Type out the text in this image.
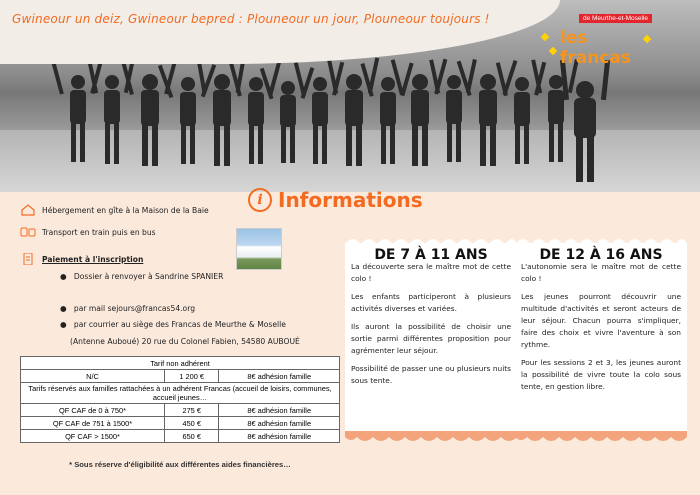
Gwineour un deiz, Gwineour bepred : Plouneour un jour, Plouneour toujours !	de Meurthe-et-Moselle
les francas
i Informations
Hébergement en gîte à la Maison de la Baie
Transport en train puis en bus
Paiement à l'inscription
●   Dossier à renvoyer à Sandrine SPANIER
●   par mail sejours@francas54.org
●   par courrier au siège des Francas de Meurthe & Moselle
(Antenne Auboué) 20 rue du Colonel Fabien, 54580 AUBOUÉ
Tarif non adhérent		
N/C	1 200 €	8€ adhésion famille
Tarifs réservés aux familles rattachées à un adhérent Francas (accueil de loisirs, communes, accueil jeunes…		
QF CAF de 0 à 750*	275 €	8€ adhésion famille
QF CAF de 751 à 1500*	450 €	8€ adhésion famille
QF CAF > 1500*	650 €	8€ adhésion famille
* Sous réserve d'éligibilité aux différentes aides financières…
DE 7 À 11 ANS

La découverte sera le maître mot de cette colo !

Les enfants participeront à plusieurs activités diverses et variées.

Ils auront la possibilité de choisir une sortie parmi différentes proposition pour agrémenter leur séjour.

Possibilité de passer une ou plusieurs nuits sous tente.

DE 12 À 16 ANS

L'autonomie sera le maître mot de cette colo !

Les jeunes pourront découvrir une multitude d'activités et seront acteurs de leur séjour. Chacun pourra s'impliquer, faire des choix et vivre l'aventure à son rythme.

Pour les sessions 2 et 3, les jeunes auront la possibilité de vivre toute la colo sous tente, en gestion libre.
